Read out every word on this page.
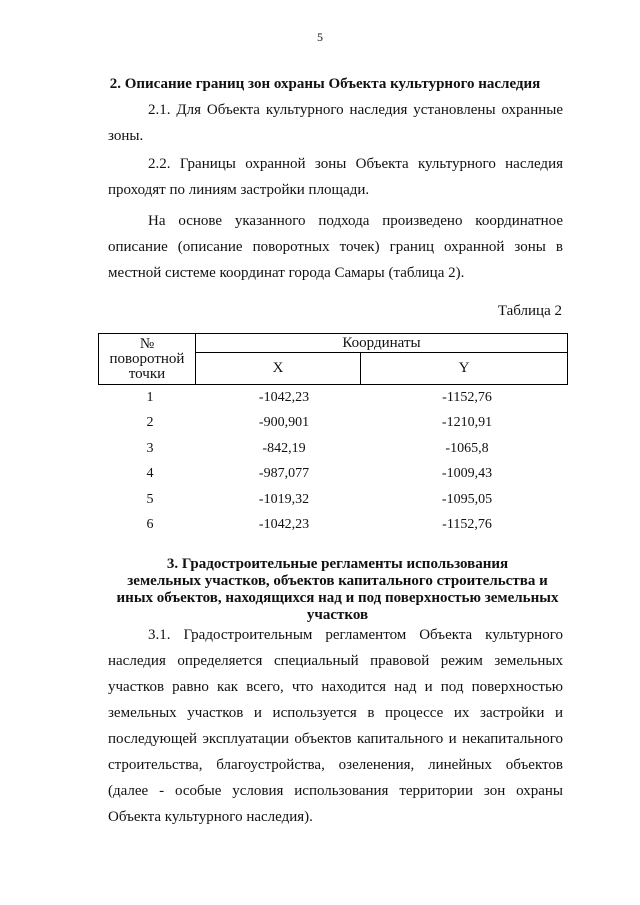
5
2. Описание границ зон охраны Объекта культурного наследия

2.1. Для Объекта культурного наследия установлены охранные

зоны.

2.2. Границы охранной зоны Объекта культурного наследия

проходят по линиям застройки площади.

На основе указанного подхода произведено координатное

описание (описание поворотных точек) границ охранной зоны в

местной системе координат города Самары (таблица 2).

Таблица 2
№
поворотной
точки	Координаты	
	X	Y
1	-1042,23	-1152,76
2	-900,901	-1210,91
3	-842,19	-1065,8
4	-987,077	-1009,43
5	-1019,32	-1095,05
6	-1042,23	-1152,76
3. Градостроительные регламенты использования
земельных участков, объектов капитального строительства и
иных объектов, находящихся над и под поверхностью земельных
участков

3.1. Градостроительным регламентом Объекта культурного

наследия определяется специальный правовой режим земельных

участков равно как всего, что находится над и под поверхностью

земельных участков и используется в процессе их застройки и

последующей эксплуатации объектов капитального и некапитального

строительства, благоустройства, озеленения, линейных объектов

(далее - особые условия использования территории зон охраны

Объекта культурного наследия).
